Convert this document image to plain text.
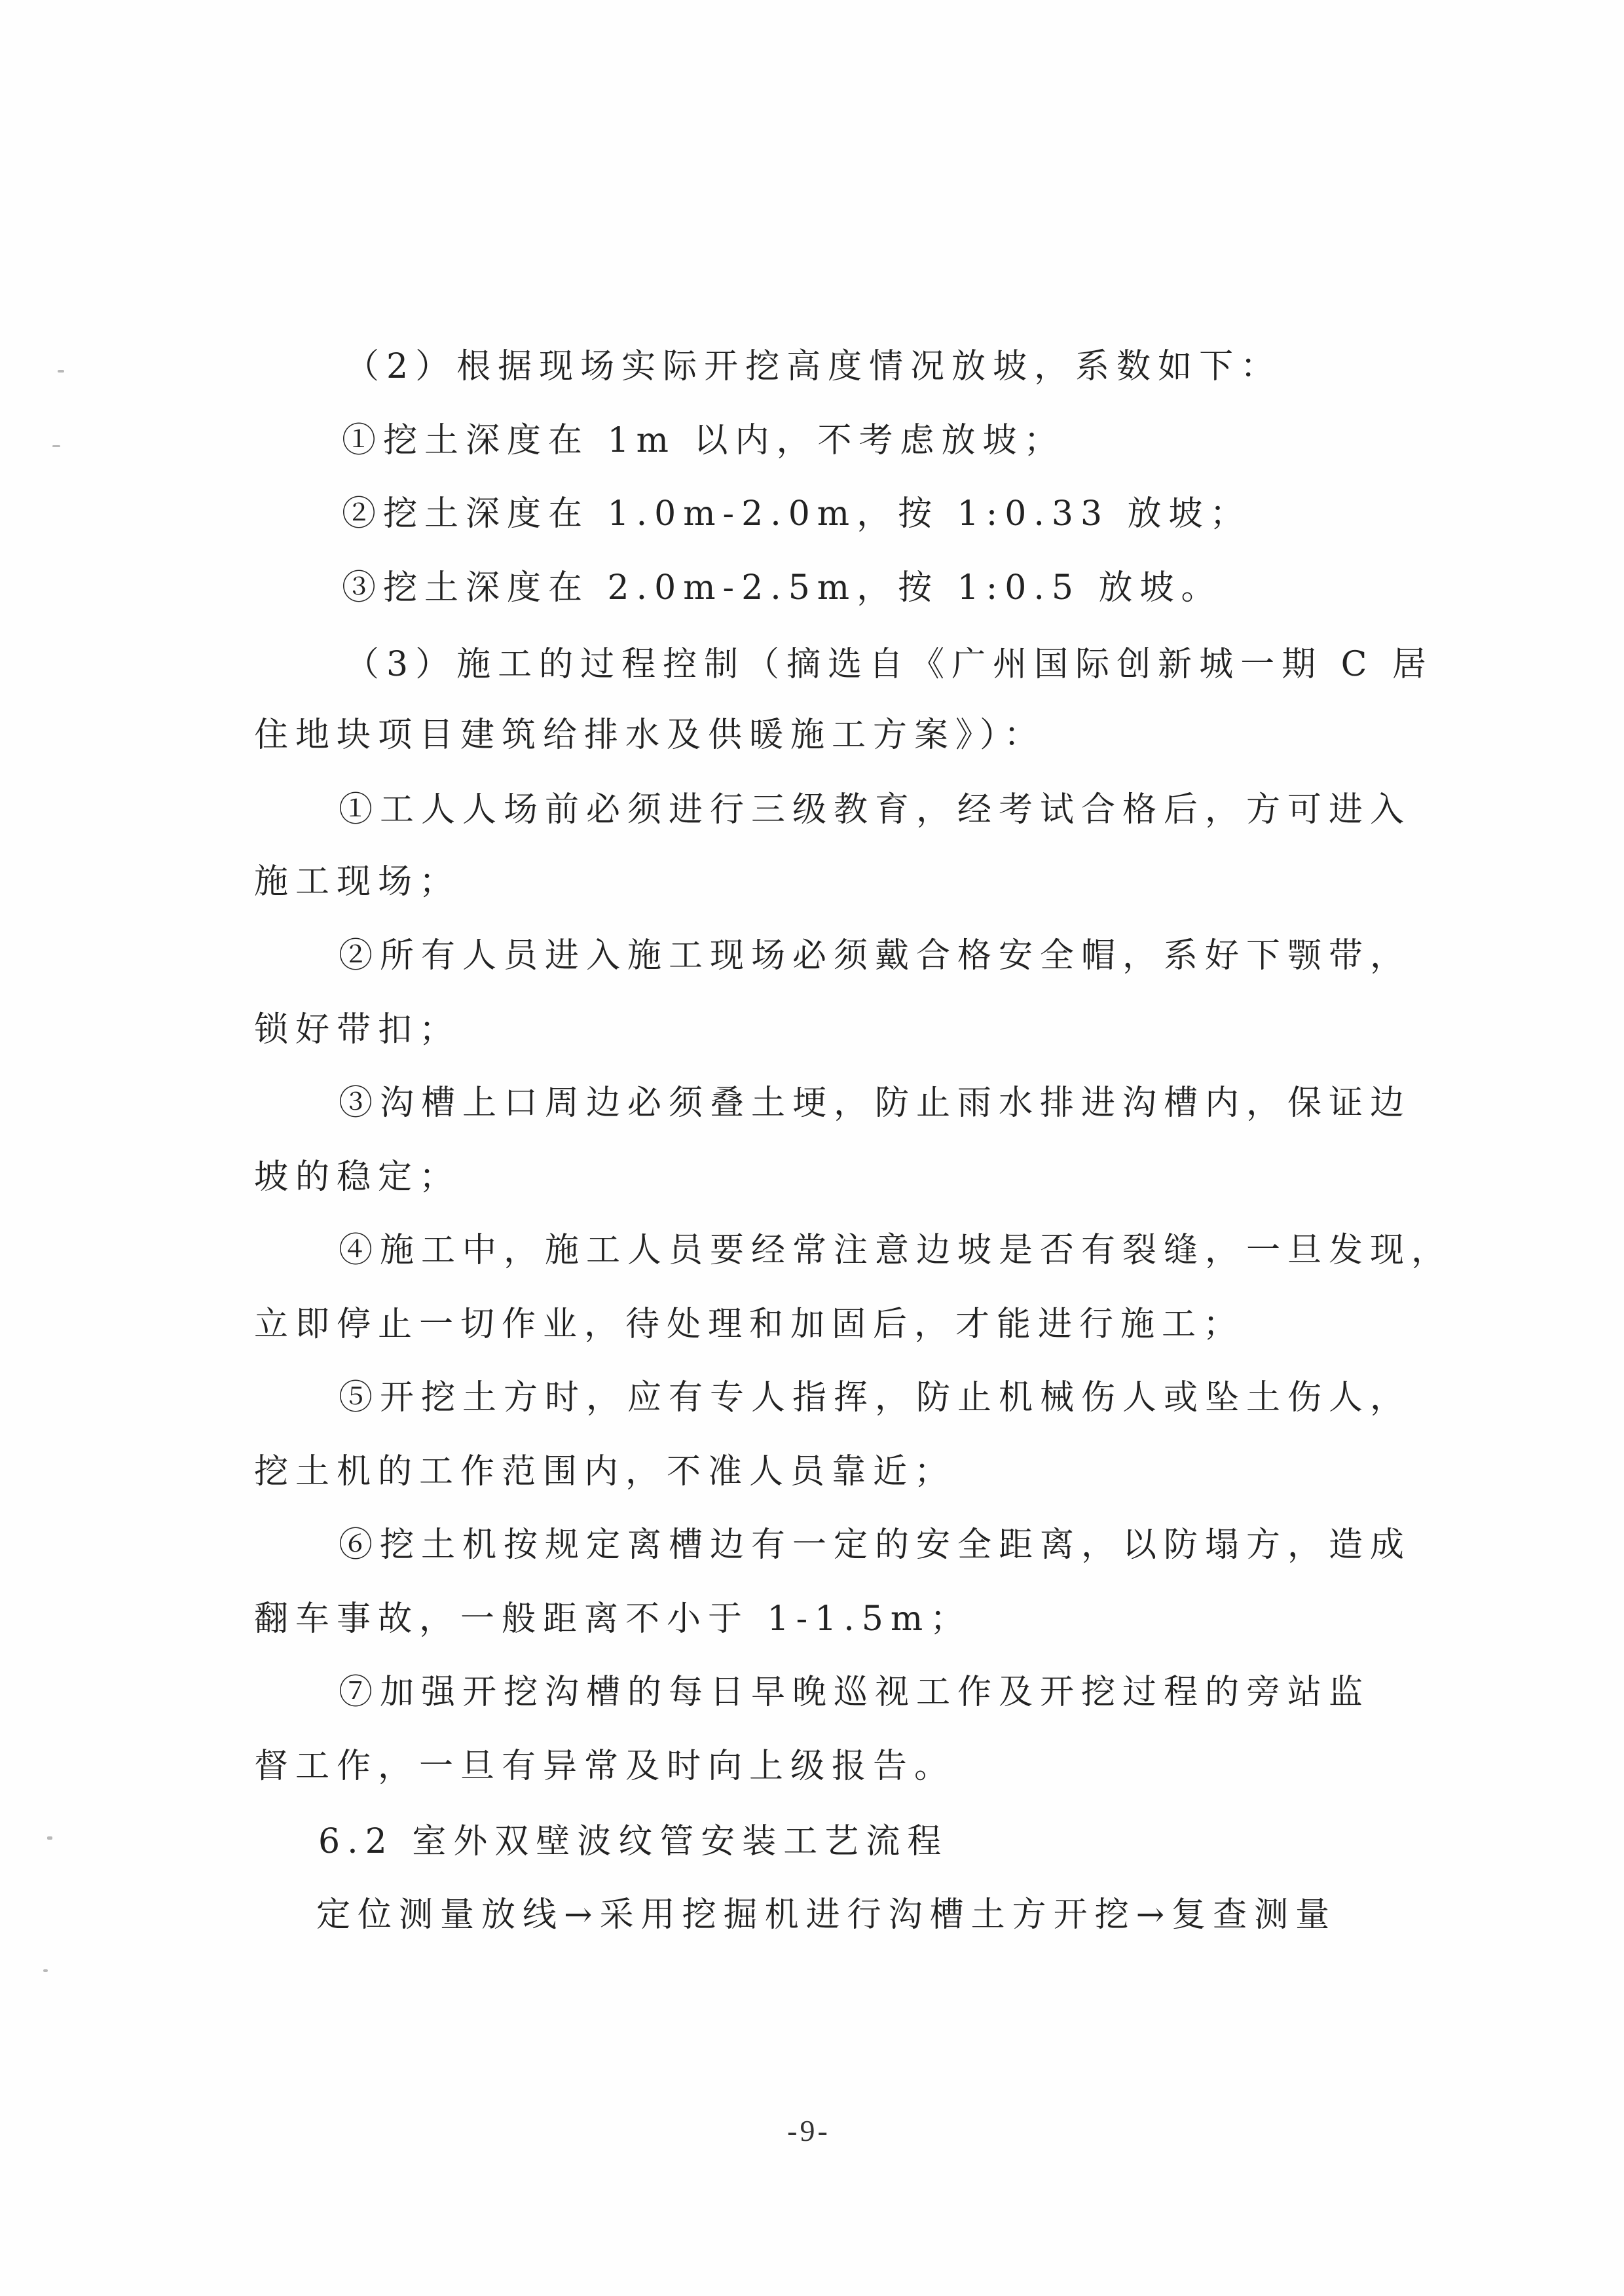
（2）根据现场实际开挖高度情况放坡，系数如下：
①挖土深度在 1m 以内，不考虑放坡；
②挖土深度在 1.0m-2.0m，按 1:0.33 放坡；
③挖土深度在 2.0m-2.5m，按 1:0.5 放坡。
（3）施工的过程控制（摘选自《广州国际创新城一期 C 居
住地块项目建筑给排水及供暖施工方案》）：
①工人人场前必须进行三级教育，经考试合格后，方可进入
施工现场；
②所有人员进入施工现场必须戴合格安全帽，系好下颚带，
锁好带扣；
③沟槽上口周边必须叠土埂，防止雨水排进沟槽内，保证边
坡的稳定；
④施工中，施工人员要经常注意边坡是否有裂缝，一旦发现，
立即停止一切作业，待处理和加固后，才能进行施工；
⑤开挖土方时，应有专人指挥，防止机械伤人或坠土伤人，
挖土机的工作范围内，不准人员靠近；
⑥挖土机按规定离槽边有一定的安全距离，以防塌方，造成
翻车事故，一般距离不小于 1-1.5m；
⑦加强开挖沟槽的每日早晚巡视工作及开挖过程的旁站监
督工作，一旦有异常及时向上级报告。
6.2 室外双壁波纹管安装工艺流程
定位测量放线→采用挖掘机进行沟槽土方开挖→复查测量
-9-
